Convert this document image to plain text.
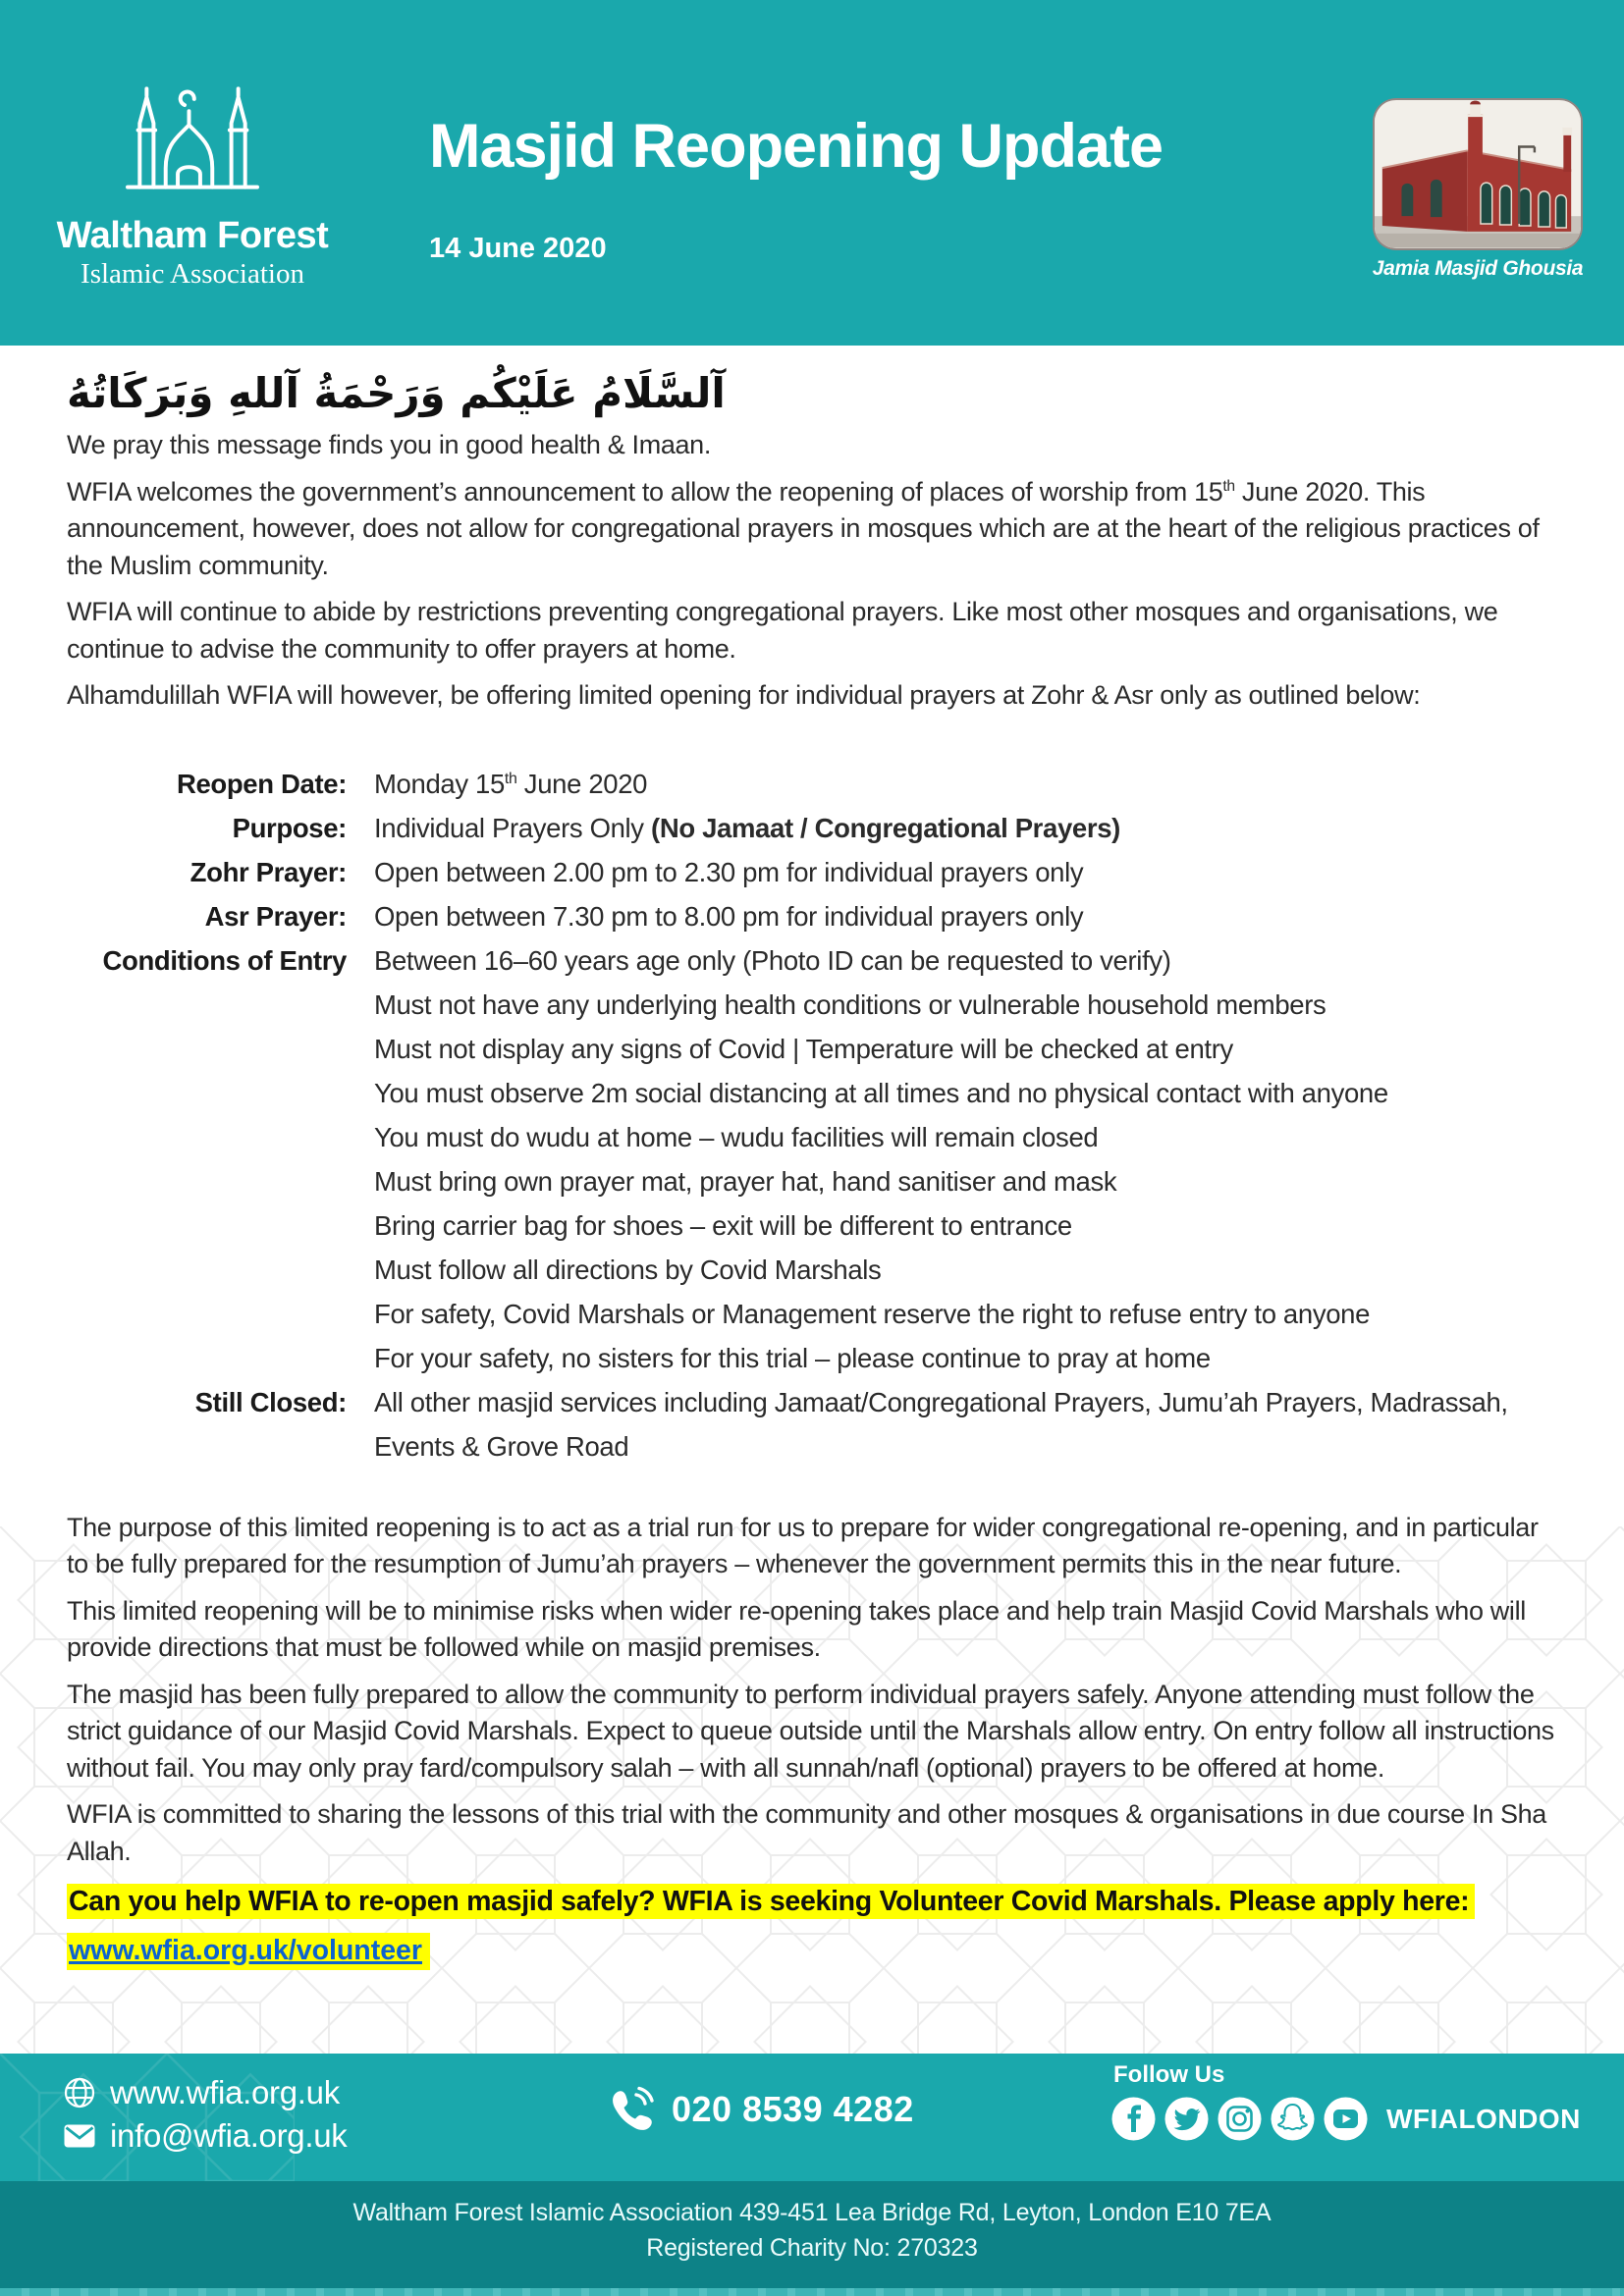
Waltham Forest
Islamic Association
Masjid Reopening Update
14 June 2020
Jamia Masjid Ghousia
آلسَّلَامُ عَلَيْكُم وَرَحْمَةُ آللهِ وَبَرَكَاتُهُ

We pray this message finds you in good health & Imaan.

WFIA welcomes the government’s announcement to allow the reopening of places of worship from 15th June 2020. This announcement, however, does not allow for congregational prayers in mosques which are at the heart of the religious practices of the Muslim community.

WFIA will continue to abide by restrictions preventing congregational prayers. Like most other mosques and organisations, we continue to advise the community to offer prayers at home.

Alhamdulillah WFIA will however, be offering limited opening for individual prayers at Zohr & Asr only as outlined below:

Reopen Date: Monday 15th June 2020
Purpose: Individual Prayers Only (No Jamaat / Congregational Prayers)
Zohr Prayer: Open between 2.00 pm to 2.30 pm for individual prayers only
Asr Prayer: Open between 7.30 pm to 8.00 pm for individual prayers only
Conditions of Entry Between 16–60 years age only (Photo ID can be requested to verify)
Must not have any underlying health conditions or vulnerable household members
Must not display any signs of Covid | Temperature will be checked at entry
You must observe 2m social distancing at all times and no physical contact with anyone
You must do wudu at home – wudu facilities will remain closed
Must bring own prayer mat, prayer hat, hand sanitiser and mask
Bring carrier bag for shoes – exit will be different to entrance
Must follow all directions by Covid Marshals
For safety, Covid Marshals or Management reserve the right to refuse entry to anyone
For your safety, no sisters for this trial – please continue to pray at home
Still Closed: All other masjid services including Jamaat/Congregational Prayers, Jumu’ah Prayers, Madrassah, Events & Grove Road

The purpose of this limited reopening is to act as a trial run for us to prepare for wider congregational re-opening, and in particular to be fully prepared for the resumption of Jumu’ah prayers – whenever the government permits this in the near future.

This limited reopening will be to minimise risks when wider re-opening takes place and help train Masjid Covid Marshals who will provide directions that must be followed while on masjid premises.

The masjid has been fully prepared to allow the community to perform individual prayers safely. Anyone attending must follow the strict guidance of our Masjid Covid Marshals. Expect to queue outside until the Marshals allow entry. On entry follow all instructions without fail. You may only pray fard/compulsory salah – with all sunnah/nafl (optional) prayers to be offered at home.

WFIA is committed to sharing the lessons of this trial with the community and other mosques & organisations in due course In Sha Allah.

Can you help WFIA to re-open masjid safely? WFIA is seeking Volunteer Covid Marshals. Please apply here:
www.wfia.org.uk/volunteer
www.wfia.org.uk
info@wfia.org.uk
020 8539 4282
Follow Us
WFIALONDON
Waltham Forest Islamic Association 439-451 Lea Bridge Rd, Leyton, London E10 7EA
Registered Charity No: 270323
